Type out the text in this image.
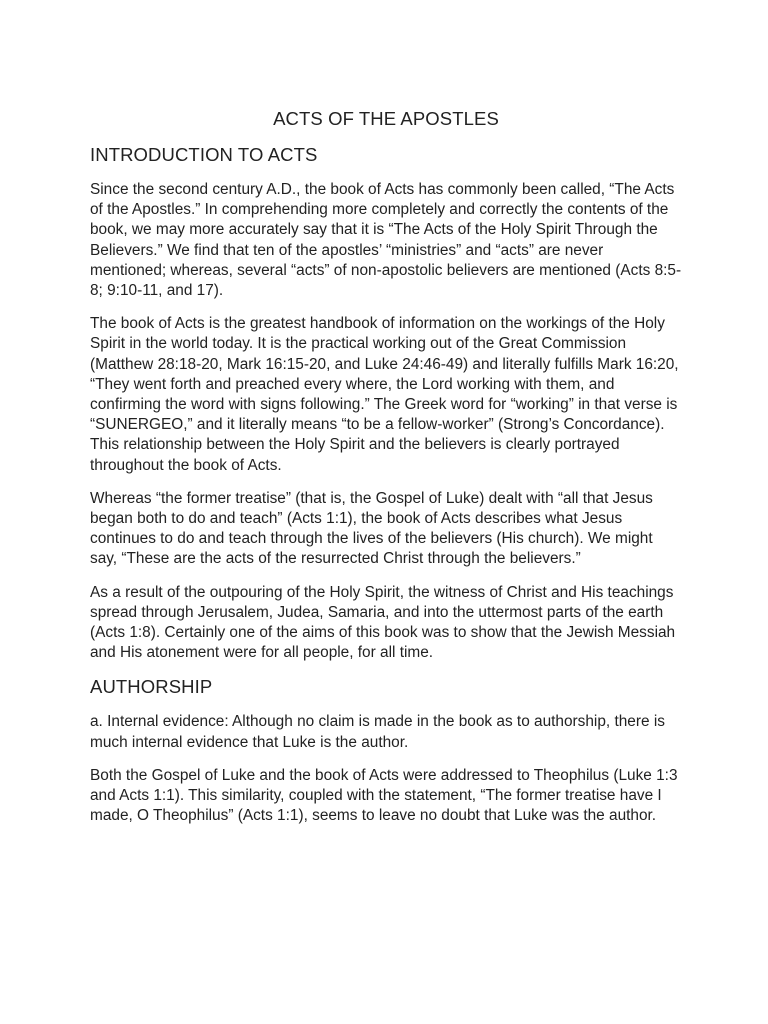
ACTS OF THE APOSTLES
INTRODUCTION TO ACTS

Since the second century A.D., the book of Acts has commonly been called, “The Acts of the Apostles.” In comprehending more completely and correctly the contents of the book, we may more accurately say that it is “The Acts of the Holy Spirit Through the Believers.” We find that ten of the apostles’ “ministries” and “acts” are never mentioned; whereas, several “acts” of non-apostolic believers are mentioned (Acts 8:5-8; 9:10-11, and 17).

The book of Acts is the greatest handbook of information on the workings of the Holy Spirit in the world today. It is the practical working out of the Great Commission (Matthew 28:18-20, Mark 16:15-20, and Luke 24:46-49) and literally fulfills Mark 16:20, “They went forth and preached every where, the Lord working with them, and confirming the word with signs following.” The Greek word for “working” in that verse is “SUNERGEO,” and it literally means “to be a fellow-worker” (Strong’s Concordance). This relationship between the Holy Spirit and the believers is clearly portrayed throughout the book of Acts.

Whereas “the former treatise” (that is, the Gospel of Luke) dealt with “all that Jesus began both to do and teach” (Acts 1:1), the book of Acts describes what Jesus continues to do and teach through the lives of the believers (His church). We might say, “These are the acts of the resurrected Christ through the believers.”

As a result of the outpouring of the Holy Spirit, the witness of Christ and His teachings spread through Jerusalem, Judea, Samaria, and into the uttermost parts of the earth (Acts 1:8). Certainly one of the aims of this book was to show that the Jewish Messiah and His atonement were for all people, for all time.

AUTHORSHIP

a. Internal evidence: Although no claim is made in the book as to authorship, there is much internal evidence that Luke is the author.

Both the Gospel of Luke and the book of Acts were addressed to Theophilus (Luke 1:3 and Acts 1:1). This similarity, coupled with the statement, “The former treatise have I made, O Theophilus” (Acts 1:1), seems to leave no doubt that Luke was the author.
